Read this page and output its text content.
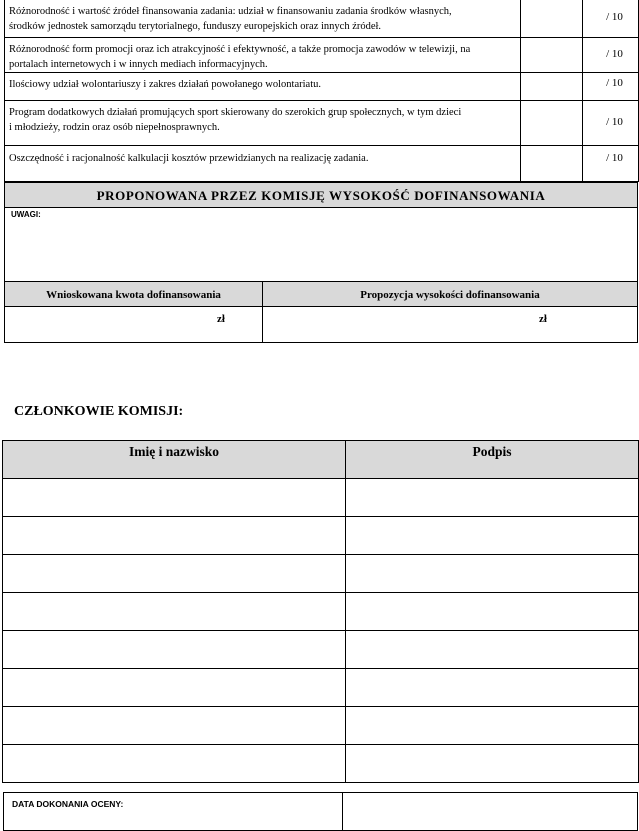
Różnorodność i wartość źródeł finansowania zadania: udział w finansowaniu zadania środków własnych,
środków jednostek samorządu terytorialnego, funduszy europejskich oraz innych źródeł.		/ 10
Różnorodność form promocji oraz ich atrakcyjność i efektywność, a także promocja zawodów w telewizji, na
portalach internetowych i w innych mediach informacyjnych.		/ 10
Ilościowy udział wolontariuszy i zakres działań powołanego wolontariatu.		/ 10
Program dodatkowych działań promujących sport skierowany do szerokich grup społecznych, w tym dzieci
i młodzieży, rodzin oraz osób niepełnosprawnych.		/ 10
Oszczędność i racjonalność kalkulacji kosztów przewidzianych na realizację zadania.		/ 10
PROPONOWANA PRZEZ KOMISJĘ WYSOKOŚĆ DOFINANSOWANIA
UWAGI:
Wnioskowana kwota dofinansowania	Propozycja wysokości dofinansowania
zł	zł
CZŁONKOWIE KOMISJI:
Imię i nazwisko	Podpis

DATA DOKONANIA OCENY:	
